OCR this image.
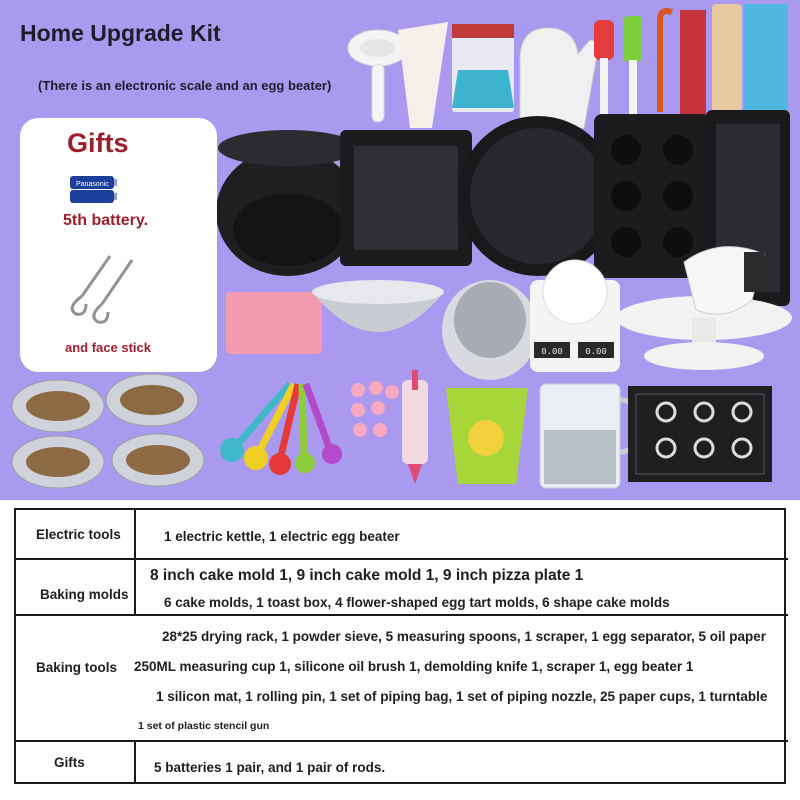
0.00 0.00
Home Upgrade Kit
(There is an electronic scale and an egg beater)
Gifts
Panasonic
5th battery.
and face stick
Electric tools	1 electric kettle, 1 electric egg beater
Baking molds
8 inch cake mold 1, 9 inch cake mold 1, 9 inch pizza plate 1
6 cake molds, 1 toast box, 4 flower-shaped egg tart molds, 6 shape cake molds
Baking tools
28*25 drying rack, 1 powder sieve, 5 measuring spoons, 1 scraper, 1 egg separator, 5 oil paper
250ML measuring cup 1, silicone oil brush 1, demolding knife 1, scraper 1, egg beater 1
1 silicon mat, 1 rolling pin, 1 set of piping bag, 1 set of piping nozzle, 25 paper cups, 1 turntable
1 set of plastic stencil gun
Gifts	5 batteries 1 pair, and 1 pair of rods.
